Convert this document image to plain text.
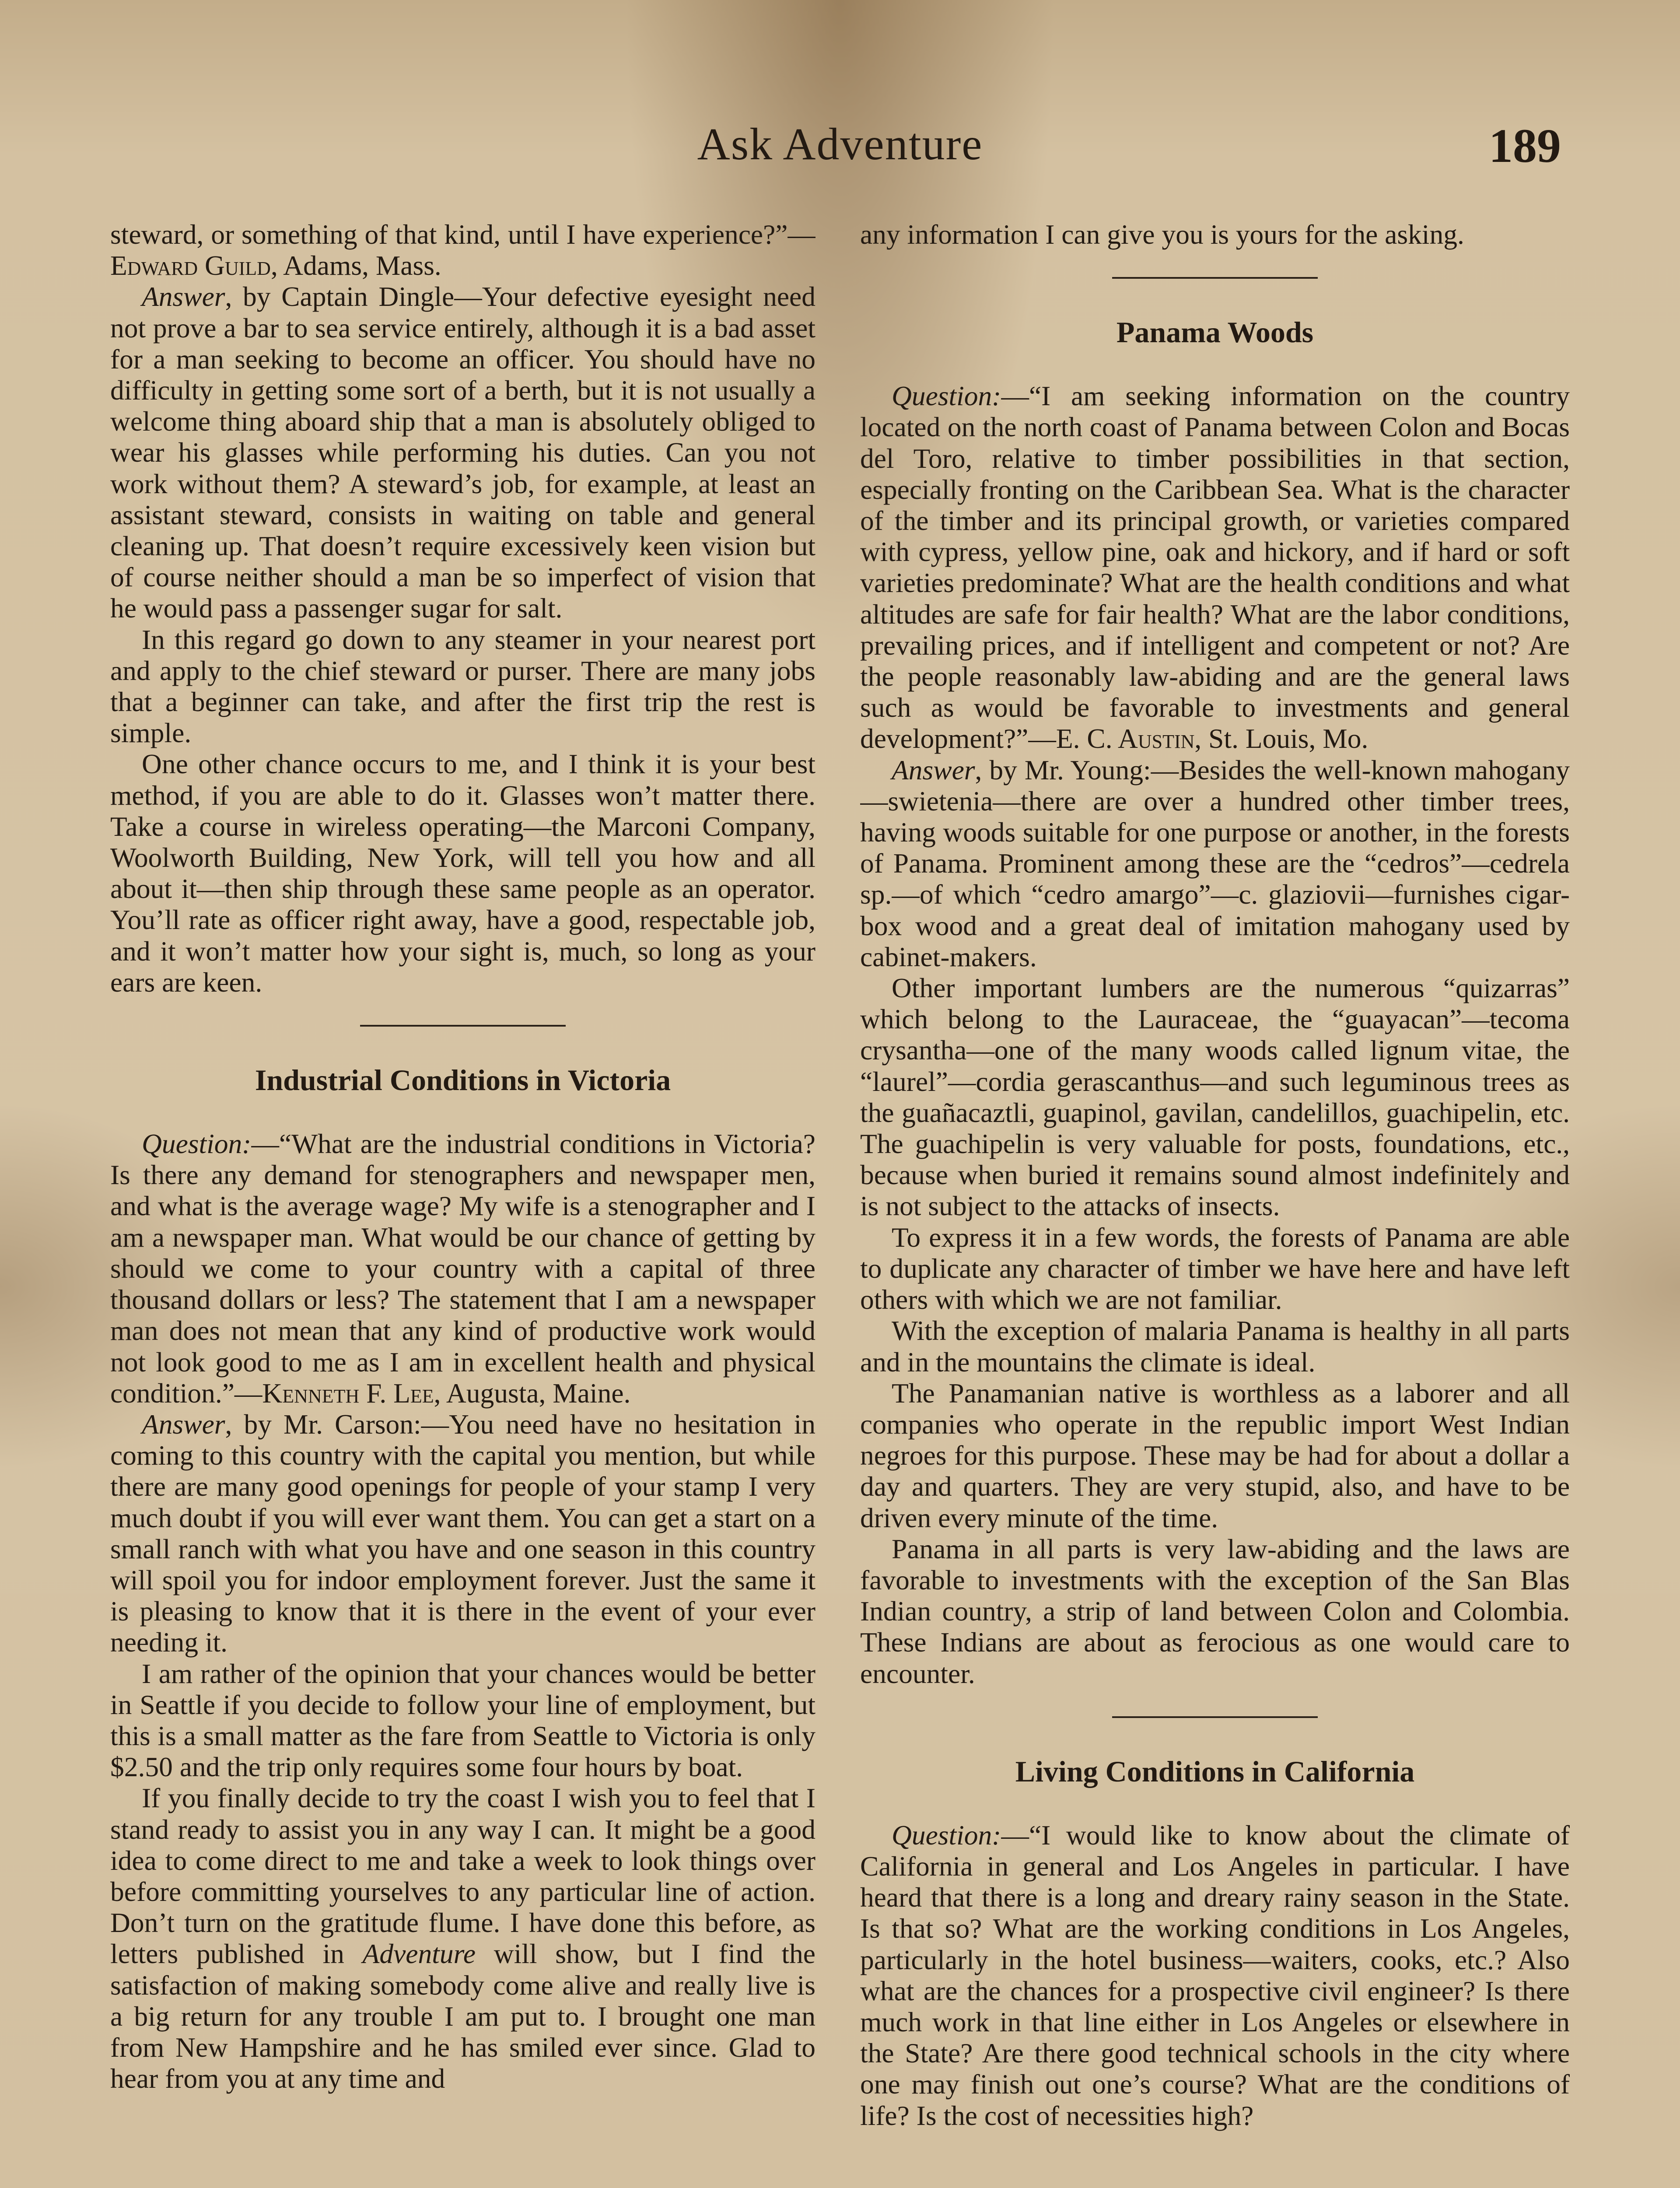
Ask Adventure	189

steward, or something of that kind, until I have experience?”—Edward Guild, Adams, Mass.

Answer, by Captain Dingle—Your defective eyesight need not prove a bar to sea service entirely, although it is a bad asset for a man seeking to become an officer. You should have no difficulty in getting some sort of a berth, but it is not usually a welcome thing aboard ship that a man is absolutely obliged to wear his glasses while performing his duties. Can you not work without them? A steward’s job, for example, at least an assistant steward, consists in waiting on table and general cleaning up. That doesn’t require excessively keen vision but of course neither should a man be so imperfect of vision that he would pass a passenger sugar for salt.

In this regard go down to any steamer in your nearest port and apply to the chief steward or purser. There are many jobs that a beginner can take, and after the first trip the rest is simple.

One other chance occurs to me, and I think it is your best method, if you are able to do it. Glasses won’t matter there. Take a course in wireless operating—the Marconi Company, Woolworth Building, New York, will tell you how and all about it—then ship through these same people as an operator. You’ll rate as officer right away, have a good, respectable job, and it won’t matter how your sight is, much, so long as your ears are keen.

Industrial Conditions in Victoria

Question:—“What are the industrial conditions in Victoria? Is there any demand for stenographers and newspaper men, and what is the average wage? My wife is a stenographer and I am a newspaper man. What would be our chance of getting by should we come to your country with a capital of three thousand dollars or less? The statement that I am a newspaper man does not mean that any kind of productive work would not look good to me as I am in excellent health and physical condition.”—Kenneth F. Lee, Augusta, Maine.

Answer, by Mr. Carson:—You need have no hesitation in coming to this country with the capital you mention, but while there are many good openings for people of your stamp I very much doubt if you will ever want them. You can get a start on a small ranch with what you have and one season in this country will spoil you for indoor employment forever. Just the same it is pleasing to know that it is there in the event of your ever needing it.

I am rather of the opinion that your chances would be better in Seattle if you decide to follow your line of employment, but this is a small matter as the fare from Seattle to Victoria is only $2.50 and the trip only requires some four hours by boat.

If you finally decide to try the coast I wish you to feel that I stand ready to assist you in any way I can. It might be a good idea to come direct to me and take a week to look things over before committing yourselves to any particular line of action. Don’t turn on the gratitude flume. I have done this before, as letters published in Adventure will show, but I find the satisfaction of making somebody come alive and really live is a big return for any trouble I am put to. I brought one man from New Hampshire and he has smiled ever since. Glad to hear from you at any time and

any information I can give you is yours for the asking.

Panama Woods

Question:—“I am seeking information on the country located on the north coast of Panama between Colon and Bocas del Toro, relative to timber possibilities in that section, especially fronting on the Caribbean Sea. What is the character of the timber and its principal growth, or varieties compared with cypress, yellow pine, oak and hickory, and if hard or soft varieties predominate? What are the health conditions and what altitudes are safe for fair health? What are the labor conditions, prevailing prices, and if intelligent and competent or not? Are the people reasonably law-abiding and are the general laws such as would be favorable to investments and general development?”—E. C. Austin, St. Louis, Mo.

Answer, by Mr. Young:—Besides the well-known mahogany—swietenia—there are over a hundred other timber trees, having woods suitable for one purpose or another, in the forests of Panama. Prominent among these are the “cedros”—cedrela sp.—of which “cedro amargo”—c. glaziovii—furnishes cigar-box wood and a great deal of imitation mahogany used by cabinet-makers.

Other important lumbers are the numerous “quizarras” which belong to the Lauraceae, the “guayacan”—tecoma crysantha—one of the many woods called lignum vitae, the “laurel”—cordia gerascanthus—and such leguminous trees as the guañacaztli, guapinol, gavilan, candelillos, guachipelin, etc. The guachipelin is very valuable for posts, foundations, etc., because when buried it remains sound almost indefinitely and is not subject to the attacks of insects.

To express it in a few words, the forests of Panama are able to duplicate any character of timber we have here and have left others with which we are not familiar.

With the exception of malaria Panama is healthy in all parts and in the mountains the climate is ideal.

The Panamanian native is worthless as a laborer and all companies who operate in the republic import West Indian negroes for this purpose. These may be had for about a dollar a day and quarters. They are very stupid, also, and have to be driven every minute of the time.

Panama in all parts is very law-abiding and the laws are favorable to investments with the exception of the San Blas Indian country, a strip of land between Colon and Colombia. These Indians are about as ferocious as one would care to encounter.

Living Conditions in California

Question:—“I would like to know about the climate of California in general and Los Angeles in particular. I have heard that there is a long and dreary rainy season in the State. Is that so? What are the working conditions in Los Angeles, particularly in the hotel business—waiters, cooks, etc.? Also what are the chances for a prospective civil engineer? Is there much work in that line either in Los Angeles or elsewhere in the State? Are there good technical schools in the city where one may finish out one’s course? What are the conditions of life? Is the cost of necessities high?
